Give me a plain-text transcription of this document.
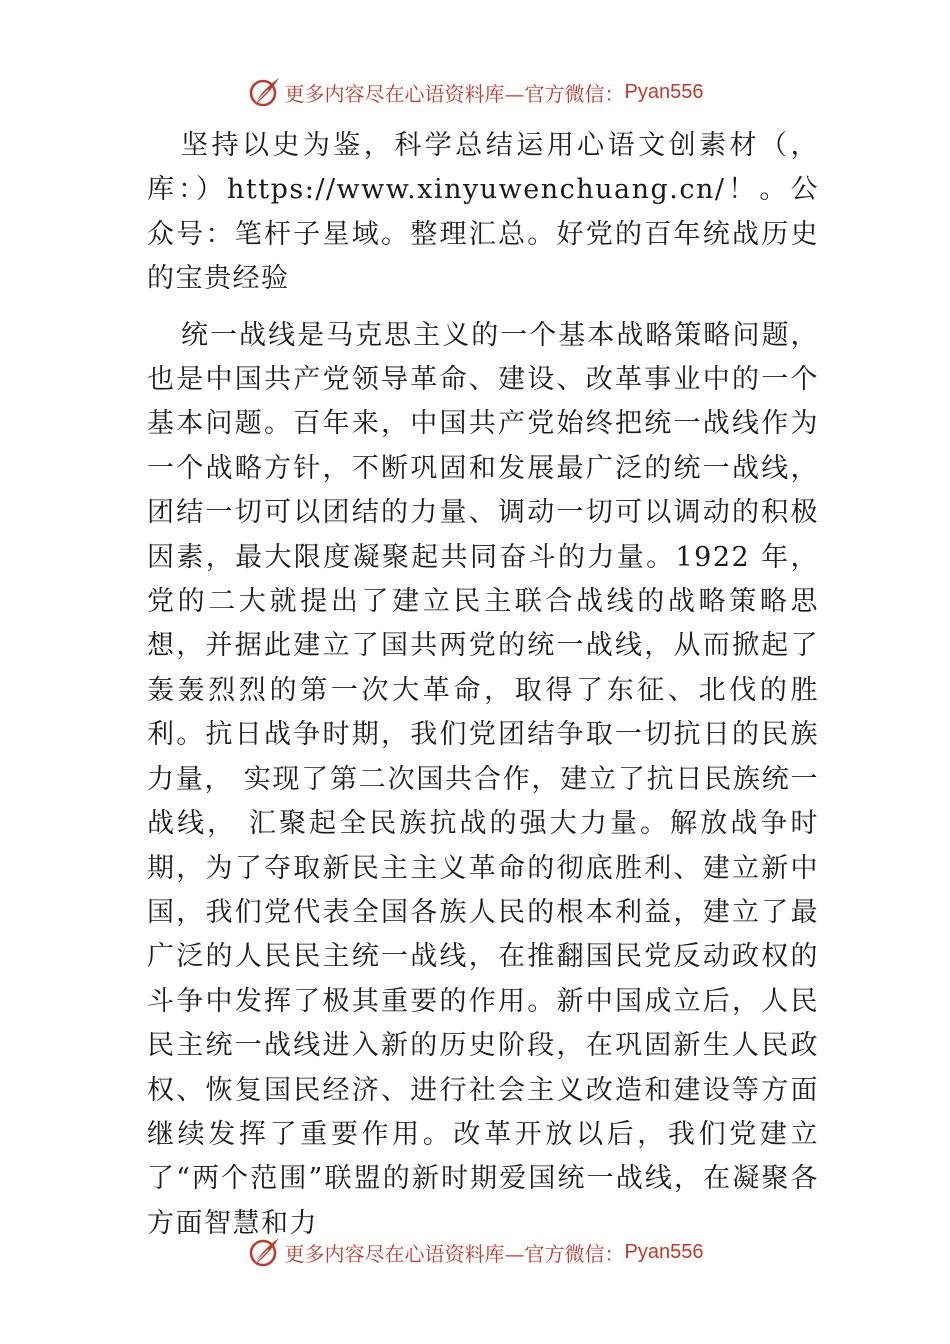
更多内容尽在心语资料库—官方微信： Pyan556

坚持以史为鉴，科学总结运用心语文创素材（，库：）https://www.xinyuwenchuang.cn/！。公众号：笔杆子星域。整理汇总。好党的百年统战历史的宝贵经验

统一战线是马克思主义的一个基本战略策略问题，也是中国共产党领导革命、建设、改革事业中的一个基本问题。百年来，中国共产党始终把统一战线作为一个战略方针，不断巩固和发展最广泛的统一战线，团结一切可以团结的力量、调动一切可以调动的积极因素，最大限度凝聚起共同奋斗的力量。1922 年，党的二大就提出了建立民主联合战线的战略策略思想，并据此建立了国共两党的统一战线，从而掀起了轰轰烈烈的第一次大革命，取得了东征、北伐的胜利。抗日战争时期，我们党团结争取一切抗日的民族力量， 实现了第二次国共合作，建立了抗日民族统一战线， 汇聚起全民族抗战的强大力量。解放战争时期，为了夺取新民主主义革命的彻底胜利、建立新中国，我们党代表全国各族人民的根本利益，建立了最广泛的人民民主统一战线，在推翻国民党反动政权的斗争中发挥了极其重要的作用。新中国成立后，人民民主统一战线进入新的历史阶段，在巩固新生人民政权、恢复国民经济、进行社会主义改造和建设等方面继续发挥了重要作用。改革开放以后，我们党建立了“两个范围”联盟的新时期爱国统一战线，在凝聚各方面智慧和力

更多内容尽在心语资料库—官方微信： Pyan556
